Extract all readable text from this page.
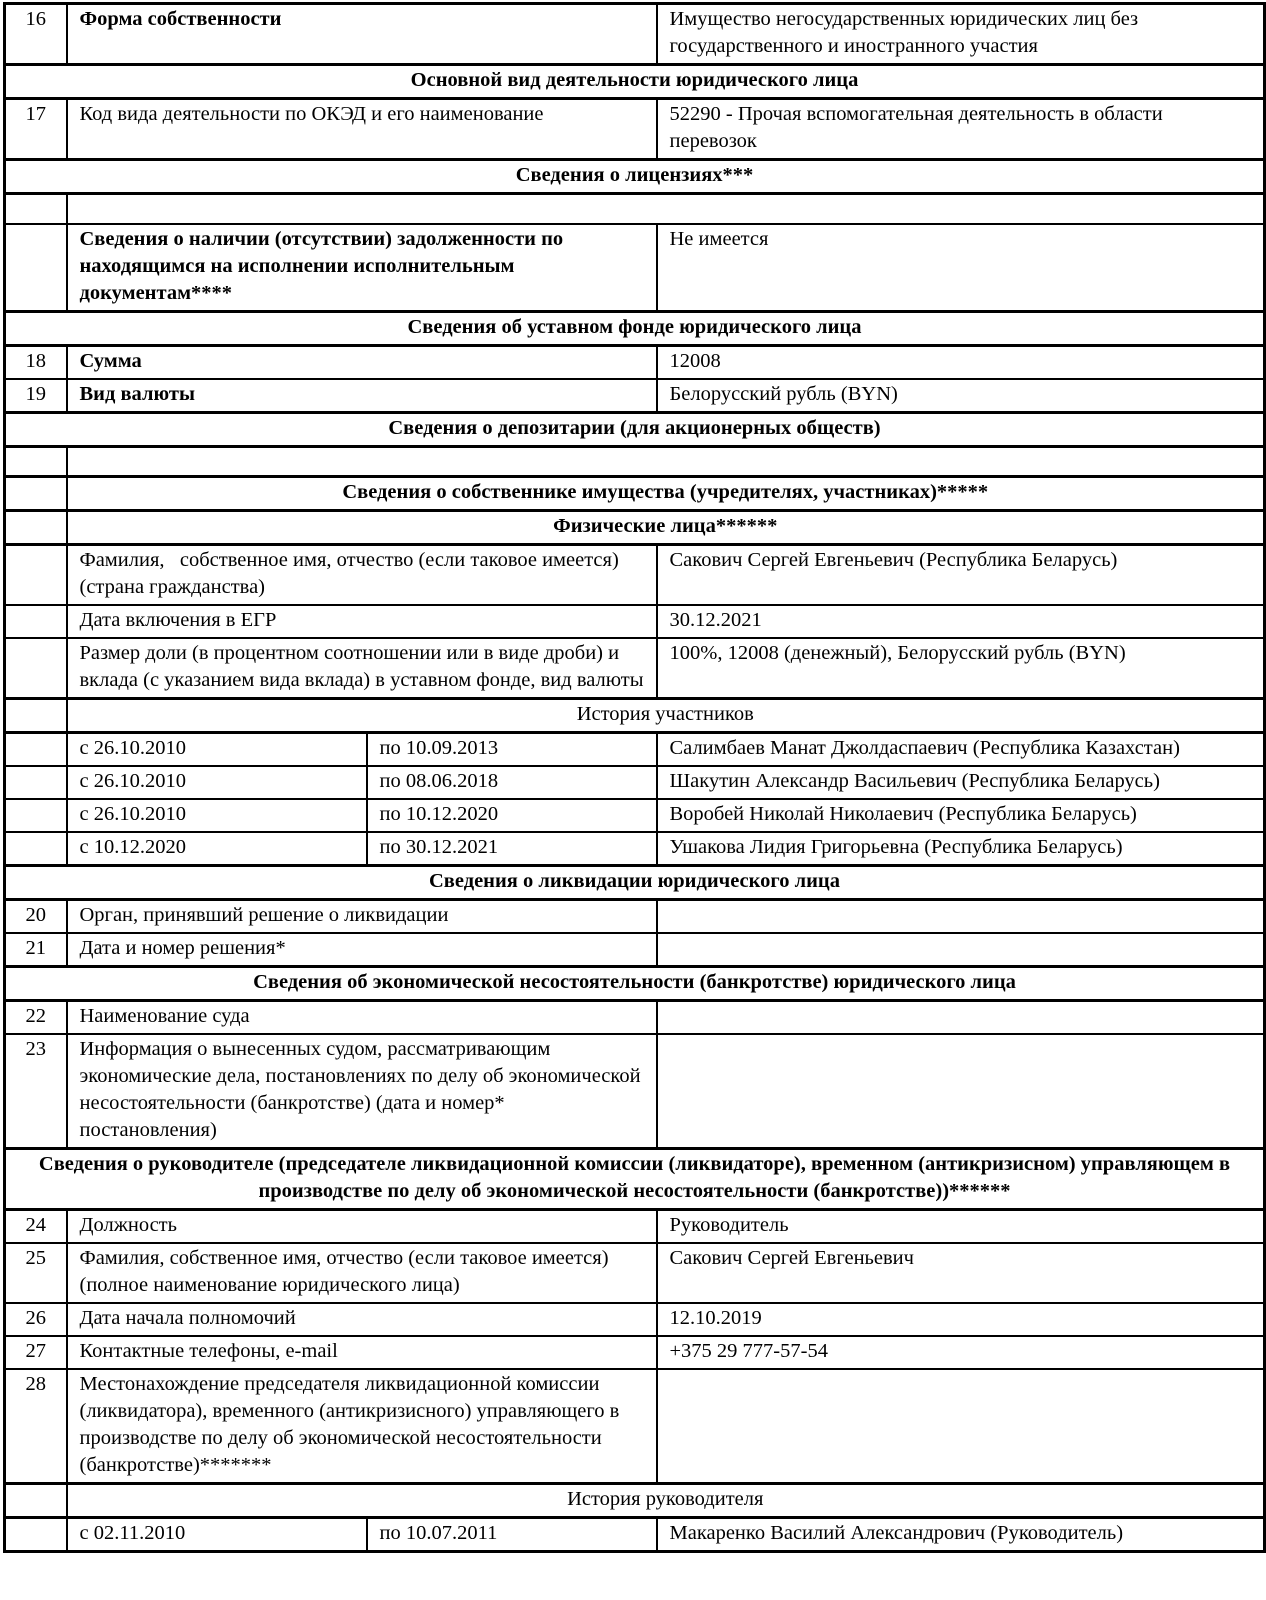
16	Форма собственности		Имущество негосударственных юридических лиц без государственного и иностранного участия
Основной вид деятельности юридического лица			
17	Код вида деятельности по ОКЭД и его наименование		52290 - Прочая вспомогательная деятельность в области перевозок
Сведения о лицензиях***			

	Сведения о наличии (отсутствии) задолженности по находящимся на исполнении исполнительным документам****		Не имеется
Сведения об уставном фонде юридического лица			
18	Сумма		12008
19	Вид валюты		Белорусский рубль (BYN)
Сведения о депозитарии (для акционерных обществ)			

	Сведения о собственнике имущества (учредителях, участниках)*****		
	Физические лица******		
	Фамилия,   собственное имя, отчество (если таковое имеется) (страна гражданства)		Сакович Сергей Евгеньевич (Республика Беларусь)
	Дата включения в ЕГР		30.12.2021
	Размер доли (в процентном соотношении или в виде дроби) и вклада (с указанием вида вклада) в уставном фонде, вид валюты		100%, 12008 (денежный), Белорусский рубль (BYN)
	История участников		
	с 26.10.2010	по 10.09.2013	Салимбаев Манат Джолдаспаевич (Республика Казахстан)
	с 26.10.2010	по 08.06.2018	Шакутин Александр Васильевич (Республика Беларусь)
	с 26.10.2010	по 10.12.2020	Воробей Николай Николаевич (Республика Беларусь)
	с 10.12.2020	по 30.12.2021	Ушакова Лидия Григорьевна (Республика Беларусь)
Сведения о ликвидации юридического лица			
20	Орган, принявший решение о ликвидации		
21	Дата и номер решения*		
Сведения об экономической несостоятельности (банкротстве) юридического лица			
22	Наименование суда		
23	Информация о вынесенных судом, рассматривающим экономические дела, постановлениях по делу об экономической несостоятельности (банкротстве) (дата и номер* постановления)		
Сведения о руководителе (председателе ликвидационной комиссии (ликвидаторе), временном (антикризисном) управляющем в производстве по делу об экономической несостоятельности (банкротстве))******			
24	Должность		Руководитель
25	Фамилия, собственное имя, отчество (если таковое имеется) (полное наименование юридического лица)		Сакович Сергей Евгеньевич
26	Дата начала полномочий		12.10.2019
27	Контактные телефоны, e-mail		+375 29 777-57-54
28	Местонахождение председателя ликвидационной комиссии (ликвидатора), временного (антикризисного) управляющего в производстве по делу об экономической несостоятельности (банкротстве)*******		
	История руководителя		
	с 02.11.2010	по 10.07.2011	Макаренко Василий Александрович (Руководитель)
